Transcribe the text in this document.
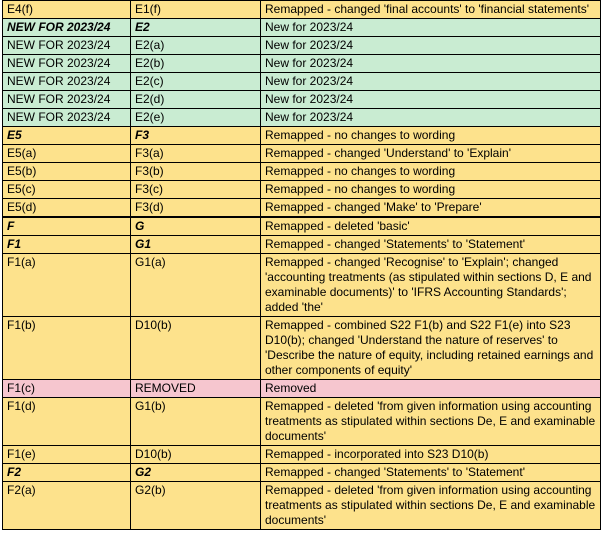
E4(f)	E1(f)	Remapped - changed 'final accounts' to 'financial statements'
NEW FOR 2023/24	E2	New for 2023/24
NEW FOR 2023/24	E2(a)	New for 2023/24
NEW FOR 2023/24	E2(b)	New for 2023/24
NEW FOR 2023/24	E2(c)	New for 2023/24
NEW FOR 2023/24	E2(d)	New for 2023/24
NEW FOR 2023/24	E2(e)	New for 2023/24
E5	F3	Remapped - no changes to wording
E5(a)	F3(a)	Remapped - changed 'Understand' to 'Explain'
E5(b)	F3(b)	Remapped - no changes to wording
E5(c)	F3(c)	Remapped - no changes to wording
E5(d)	F3(d)	Remapped - changed 'Make' to 'Prepare'
F	G	Remapped - deleted 'basic'
F1	G1	Remapped - changed 'Statements' to 'Statement'
F1(a)	G1(a)	Remapped - changed 'Recognise' to 'Explain'; changed 'accounting treatments (as stipulated within sections D, E and examinable documents)' to 'IFRS Accounting Standards'; added 'the'
F1(b)	D10(b)	Remapped - combined S22 F1(b) and S22 F1(e) into S23 D10(b); changed 'Understand the nature of reserves' to 'Describe the nature of equity, including retained earnings and other components of equity'
F1(c)	REMOVED	Removed
F1(d)	G1(b)	Remapped - deleted 'from given information using accounting treatments as stipulated within sections De, E and examinable documents'
F1(e)	D10(b)	Remapped - incorporated into S23 D10(b)
F2	G2	Remapped - changed 'Statements' to 'Statement'
F2(a)	G2(b)	Remapped - deleted 'from given information using accounting treatments as stipulated within sections De, E and examinable documents'
